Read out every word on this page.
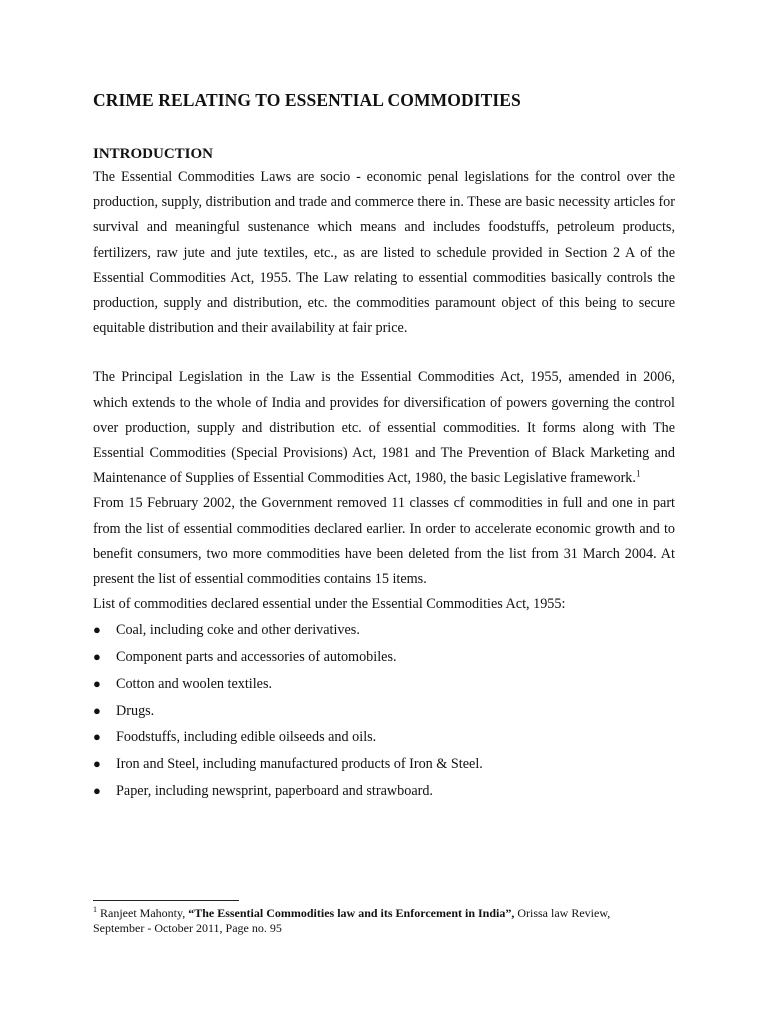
CRIME RELATING TO ESSENTIAL COMMODITIES
INTRODUCTION

The Essential Commodities Laws are socio - economic penal legislations for the control over the production, supply, distribution and trade and commerce there in. These are basic necessity articles for survival and meaningful sustenance which means and includes foodstuffs, petroleum products, fertilizers, raw jute and jute textiles, etc., as are listed to schedule provided in Section 2 A of the Essential Commodities Act, 1955. The Law relating to essential commodities basically controls the production, supply and distribution, etc. the commodities paramount object of this being to secure equitable distribution and their availability at fair price.

The Principal Legislation in the Law is the Essential Commodities Act, 1955, amended in 2006, which extends to the whole of India and provides for diversification of powers governing the control over production, supply and distribution etc. of essential commodities. It forms along with The Essential Commodities (Special Provisions) Act, 1981 and The Prevention of Black Marketing and Maintenance of Supplies of Essential Commodities Act, 1980, the basic Legislative framework.$^1$

From 15 February 2002, the Government removed 11 classes cf commodities in full and one in part from the list of essential commodities declared earlier. In order to accelerate economic growth and to benefit consumers, two more commodities have been deleted from the list from 31 March 2004. At present the list of essential commodities contains 15 items.

List of commodities declared essential under the Essential Commodities Act, 1955:

● Coal, including coke and other derivatives.
● Component parts and accessories of automobiles.
● Cotton and woolen textiles.
● Drugs.
● Foodstuffs, including edible oilseeds and oils.
● Iron and Steel, including manufactured products of Iron & Steel.
● Paper, including newsprint, paperboard and strawboard.
$^1$ Ranjeet Mahonty, “The Essential Commodities law and its Enforcement in India”, Orissa law Review, September - October 2011, Page no. 95
